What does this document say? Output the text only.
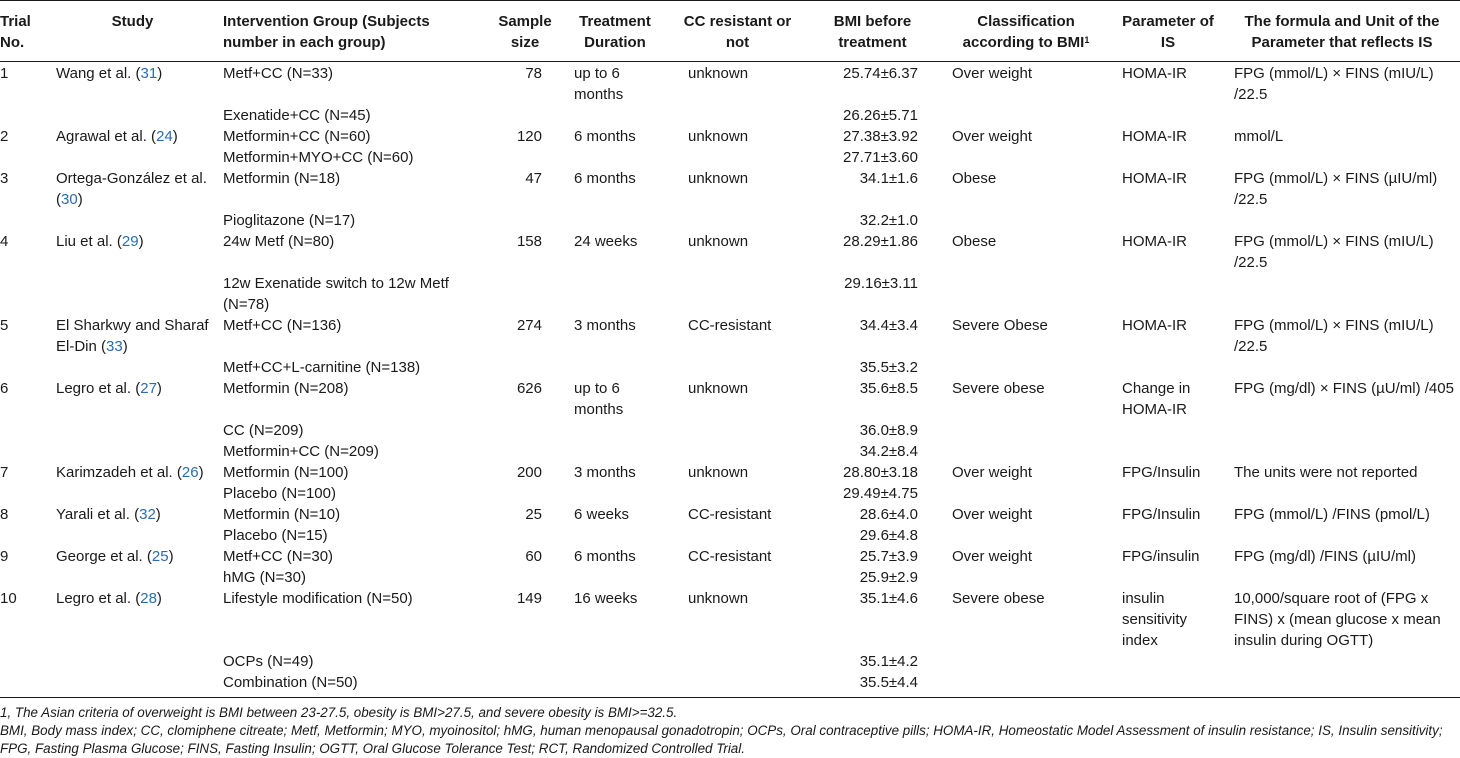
Trial No.	Study	Intervention Group (Subjects number in each group)	Sample size	Treatment Duration	CC resistant or not	BMI before treatment	Classification according to BMI$^1$	Parameter of IS	The formula and Unit of the Parameter that reflects IS
1	Wang et al. (31)	Metf+CC (N=33)	78	up to 6 months	unknown	25.74±6.37	Over weight	HOMA-IR	FPG (mmol/L) × FINS (mIU/L) /22.5
		Exenatide+CC (N=45)				26.26±5.71			
2	Agrawal et al. (24)	Metformin+CC (N=60)	120	6 months	unknown	27.38±3.92	Over weight	HOMA-IR	mmol/L
		Metformin+MYO+CC (N=60)				27.71±3.60			
3	Ortega-González et al. (30)	Metformin (N=18)	47	6 months	unknown	34.1±1.6	Obese	HOMA-IR	FPG (mmol/L) × FINS (µIU/ml) /22.5
		Pioglitazone (N=17)				32.2±1.0			
4	Liu et al. (29)	24w Metf (N=80)	158	24 weeks	unknown	28.29±1.86	Obese	HOMA-IR	FPG (mmol/L) × FINS (mIU/L) /22.5
		12w Exenatide switch to 12w Metf (N=78)				29.16±3.11			
5	El Sharkwy and Sharaf El-Din (33)	Metf+CC (N=136)	274	3 months	CC-resistant	34.4±3.4	Severe Obese	HOMA-IR	FPG (mmol/L) × FINS (mIU/L) /22.5
		Metf+CC+L-carnitine (N=138)				35.5±3.2			
6	Legro et al. (27)	Metformin (N=208)	626	up to 6 months	unknown	35.6±8.5	Severe obese	Change in HOMA-IR	FPG (mg/dl) × FINS (µU/ml) /405
		CC (N=209)				36.0±8.9			
		Metformin+CC (N=209)				34.2±8.4			
7	Karimzadeh et al. (26)	Metformin (N=100)	200	3 months	unknown	28.80±3.18	Over weight	FPG/Insulin	The units were not reported
		Placebo (N=100)				29.49±4.75			
8	Yarali et al. (32)	Metformin (N=10)	25	6 weeks	CC-resistant	28.6±4.0	Over weight	FPG/Insulin	FPG (mmol/L) /FINS (pmol/L)
		Placebo (N=15)				29.6±4.8			
9	George et al. (25)	Metf+CC (N=30)	60	6 months	CC-resistant	25.7±3.9	Over weight	FPG/insulin	FPG (mg/dl) /FINS (µIU/ml)
		hMG (N=30)				25.9±2.9			
10	Legro et al. (28)	Lifestyle modification (N=50)	149	16 weeks	unknown	35.1±4.6	Severe obese	insulin sensitivity index	10,000/square root of (FPG x FINS) x (mean glucose x mean insulin during OGTT)
		OCPs (N=49)				35.1±4.2			
		Combination (N=50)				35.5±4.4			

1, The Asian criteria of overweight is BMI between 23-27.5, obesity is BMI>27.5, and severe obesity is BMI>=32.5.

BMI, Body mass index; CC, clomiphene citreate; Metf, Metformin; MYO, myoinositol; hMG, human menopausal gonadotropin; OCPs, Oral contraceptive pills; HOMA-IR, Homeostatic Model Assessment of insulin resistance; IS, Insulin sensitivity; FPG, Fasting Plasma Glucose; FINS, Fasting Insulin; OGTT, Oral Glucose Tolerance Test; RCT, Randomized Controlled Trial.
